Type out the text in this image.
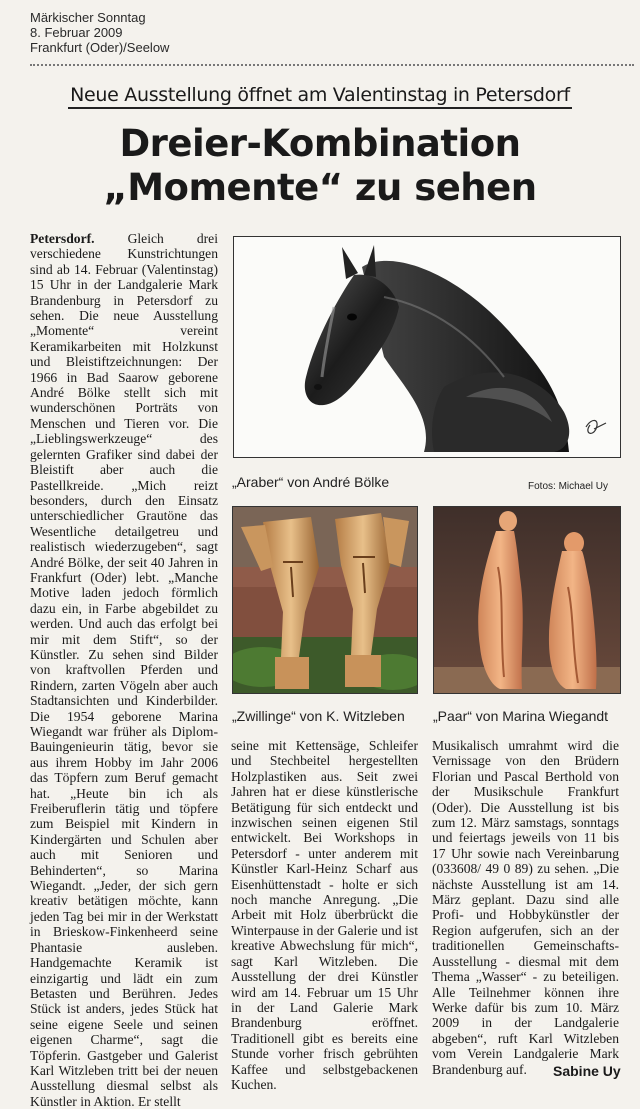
Märkischer Sonntag
8. Februar 2009
Frankfurt (Oder)/Seelow
Neue Ausstellung öffnet am Valentinstag in Petersdorf
Dreier-Kombination
„Momente“ zu sehen

Petersdorf. Gleich drei verschiedene Kunstrichtungen sind ab 14. Februar (Valentinstag) 15 Uhr in der Landgalerie Mark Brandenburg in Petersdorf zu sehen. Die neue Ausstellung „Momente“ vereint Keramikarbeiten mit Holzkunst und Bleistiftzeichnungen: Der 1966 in Bad Saarow geborene André Bölke stellt sich mit wunderschönen Porträts von Menschen und Tieren vor. Die „Lieblingswerkzeuge“ des gelernten Grafiker sind dabei der Bleistift aber auch die Pastellkreide. „Mich reizt besonders, durch den Einsatz unterschiedlicher Grautöne das Wesentliche detailgetreu und realistisch wiederzugeben“, sagt André Bölke, der seit 40 Jahren in Frankfurt (Oder) lebt. „Manche Motive laden jedoch förmlich dazu ein, in Farbe abgebildet zu werden. Und auch das erfolgt bei mir mit dem Stift“, so der Künstler. Zu sehen sind Bilder von kraftvollen Pferden und Rindern, zarten Vögeln aber auch Stadtansichten und Kinderbilder. Die 1954 geborene Marina Wiegandt war früher als Diplom-Bauingenieurin tätig, bevor sie aus ihrem Hobby im Jahr 2006 das Töpfern zum Beruf gemacht hat. „Heute bin ich als Freiberuflerin tätig und töpfere zum Beispiel mit Kindern in Kindergärten und Schulen aber auch mit Senioren und Behinderten“, so Marina Wiegandt. „Jeder, der sich gern kreativ betätigen möchte, kann jeden Tag bei mir in der Werkstatt in Brieskow-Finkenheerd seine Phantasie ausleben. Handgemachte Keramik ist einzigartig und lädt ein zum Betasten und Berühren. Jedes Stück ist anders, jedes Stück hat seine eigene Seele und seinen eigenen Charme“, sagt die Töpferin. Gastgeber und Galerist Karl Witzleben tritt bei der neuen Ausstellung diesmal selbst als Künstler in Aktion. Er stellt

„Araber“ von André Bölke	Fotos: Michael Uy
„Zwillinge“ von K. Witzleben „Paar“ von Marina Wiegandt

seine mit Kettensäge, Schleifer und Stechbeitel hergestellten Holzplastiken aus. Seit zwei Jahren hat er diese künstlerische Betätigung für sich entdeckt und inzwischen seinen eigenen Stil entwickelt. Bei Workshops in Petersdorf - unter anderem mit Künstler Karl-Heinz Scharf aus Eisenhüttenstadt - holte er sich noch manche Anregung. „Die Arbeit mit Holz überbrückt die Winterpause in der Galerie und ist kreative Abwechslung für mich“, sagt Karl Witzleben. Die Ausstellung der drei Künstler wird am 14. Februar um 15 Uhr in der Land Galerie Mark Brandenburg eröffnet. Traditionell gibt es bereits eine Stunde vorher frisch gebrühten Kaffee und selbstgebackenen Kuchen.

Musikalisch umrahmt wird die Vernissage von den Brüdern Florian und Pascal Berthold von der Musikschule Frankfurt (Oder). Die Ausstellung ist bis zum 12. März samstags, sonntags und feiertags jeweils von 11 bis 17 Uhr sowie nach Vereinbarung (033608/ 49 0 89) zu sehen. „Die nächste Ausstellung ist am 14. März geplant. Dazu sind alle Profi- und Hobbykünstler der Region aufgerufen, sich an der traditionellen Gemeinschafts-Ausstellung - diesmal mit dem Thema „Wasser“ - zu beteiligen. Alle Teilnehmer können ihre Werke dafür bis zum 10. März 2009 in der Landgalerie abgeben“, ruft Karl Witzleben vom Verein Landgalerie Mark Brandenburg auf.	Sabine Uy
